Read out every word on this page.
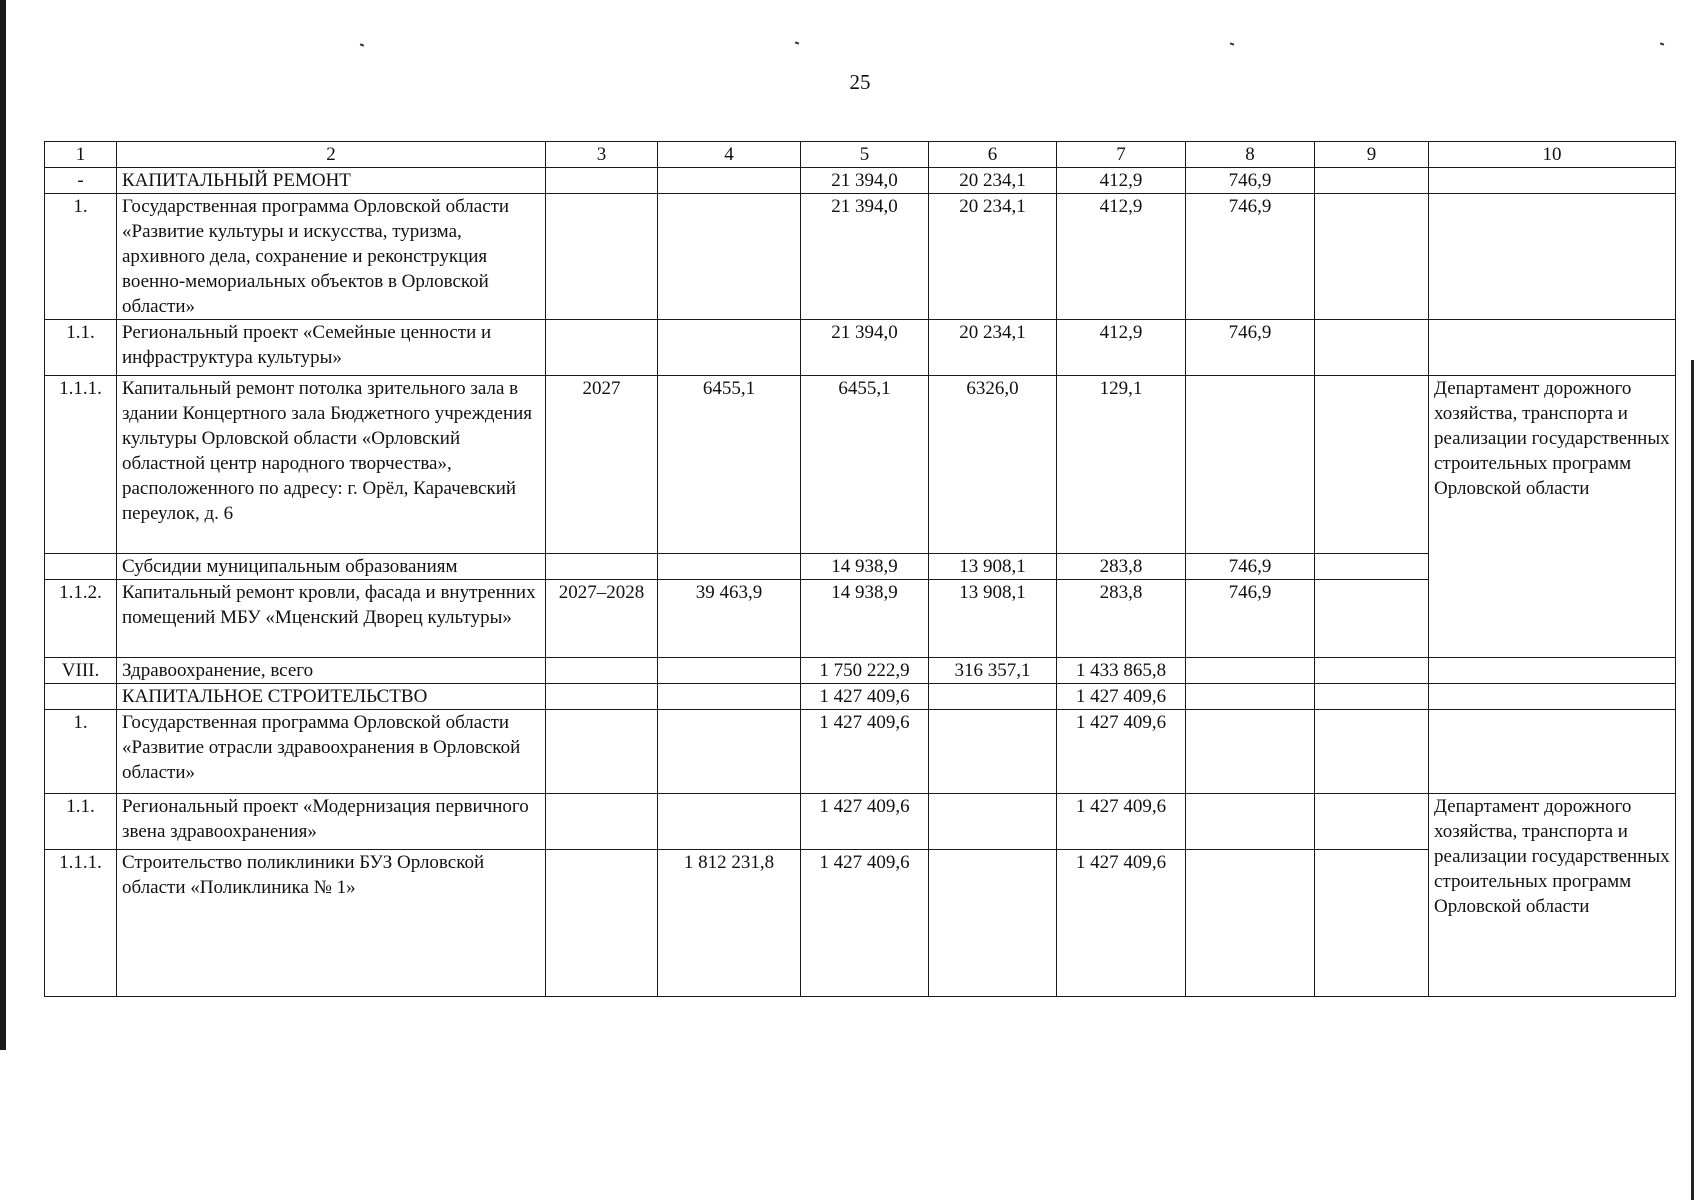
25
1	2	3	4	5	6	7	8	9	10
-	КАПИТАЛЬНЫЙ РЕМОНТ			21 394,0	20 234,1	412,9	746,9		
1.	Государственная программа Орловской области «Развитие культуры и искусства, туризма, архивного дела, сохранение и реконструкция военно-мемориальных объектов в Орловской области»			21 394,0	20 234,1	412,9	746,9		
1.1.	Региональный проект «Семейные ценности и инфраструктура культуры»			21 394,0	20 234,1	412,9	746,9		
1.1.1.	Капитальный ремонт потолка зрительного зала в здании Концертного зала Бюджетного учреждения культуры Орловской области «Орловский областной центр народного творчества», расположенного по адресу: г. Орёл, Карачевский переулок, д. 6	2027	6455,1	6455,1	6326,0	129,1			Департамент дорожного хозяйства, транспорта и реализации государственных строительных программ Орловской области
	Субсидии муниципальным образованиям			14 938,9	13 908,1	283,8	746,9		
1.1.2.	Капитальный ремонт кровли, фасада и внутренних помещений МБУ «Мценский Дворец культуры»	2027–2028	39 463,9	14 938,9	13 908,1	283,8	746,9		
VIII.	Здравоохранение, всего			1 750 222,9	316 357,1	1 433 865,8			
	КАПИТАЛЬНОЕ СТРОИТЕЛЬСТВО			1 427 409,6		1 427 409,6			
1.	Государственная программа Орловской области «Развитие отрасли здравоохранения в Орловской области»			1 427 409,6		1 427 409,6			
1.1.	Региональный проект «Модернизация первичного звена здравоохранения»			1 427 409,6		1 427 409,6			Департамент дорожного хозяйства, транспорта и реализации государственных строительных программ Орловской области
1.1.1.	Строительство поликлиники БУЗ Орловской области «Поликлиника № 1»		1 812 231,8	1 427 409,6		1 427 409,6			
